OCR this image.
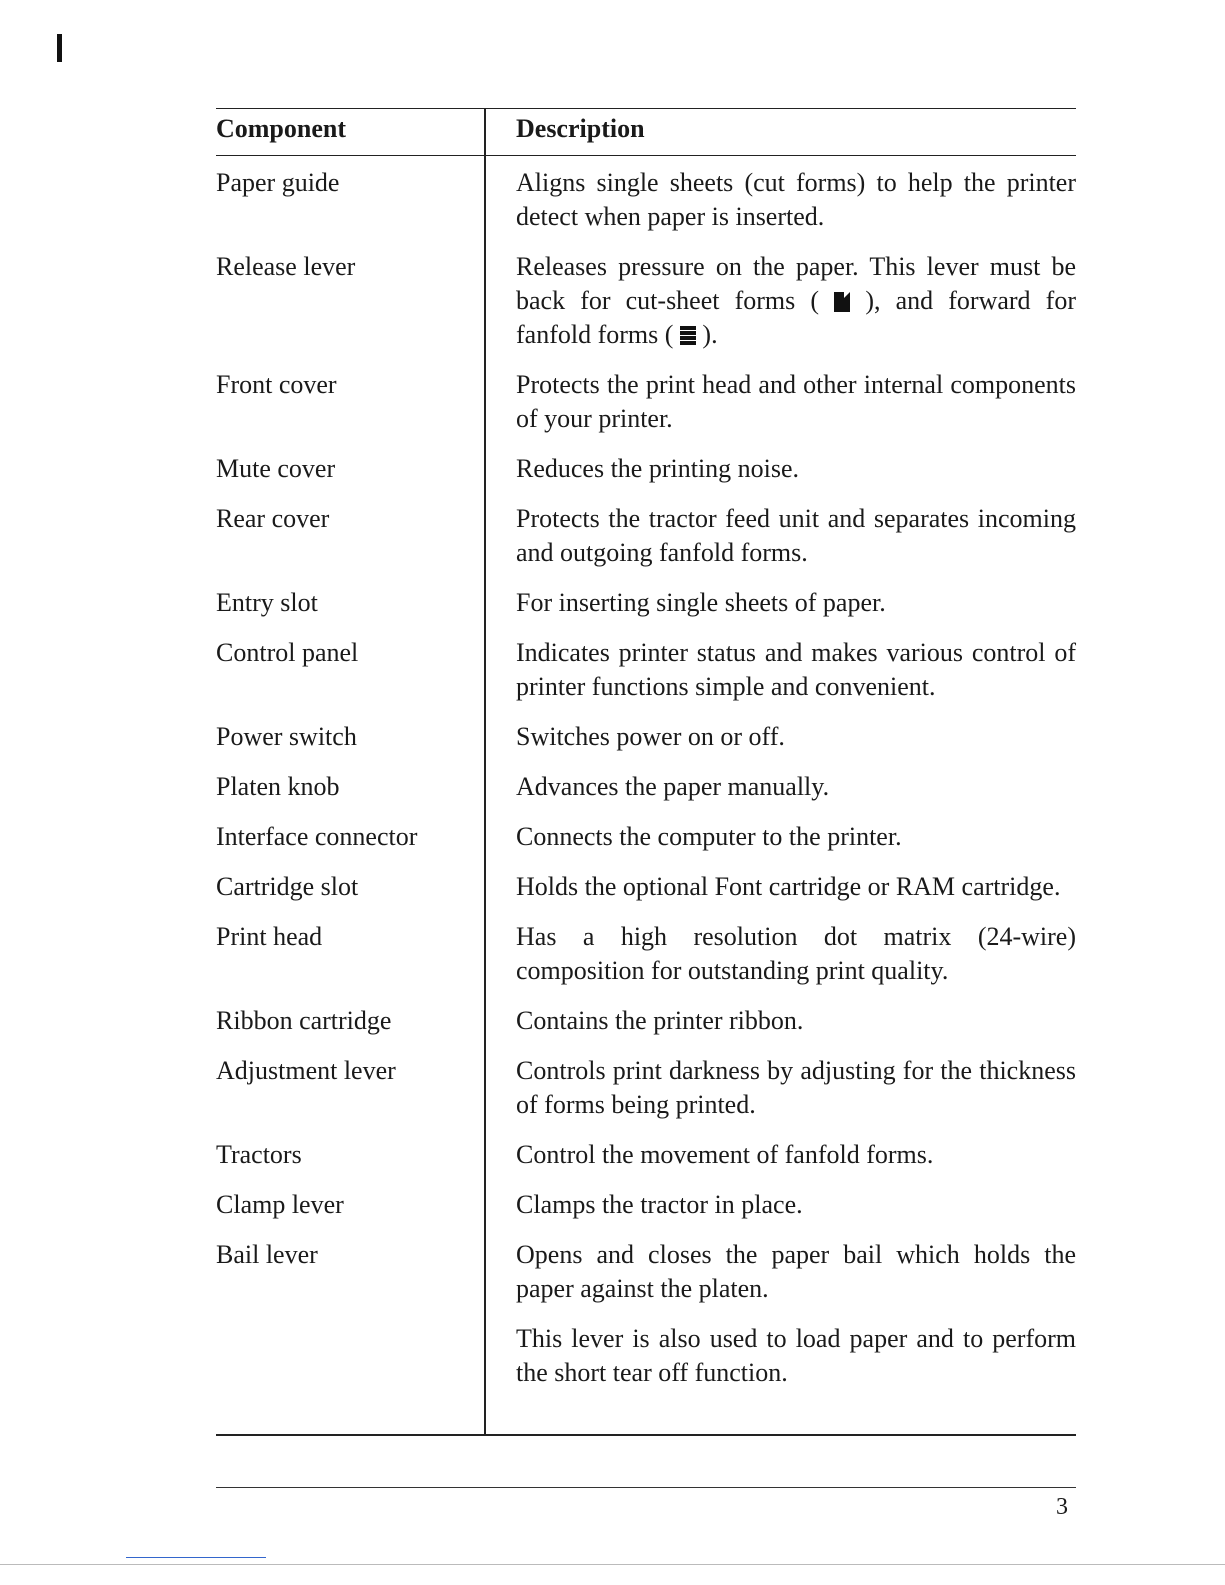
Component	Description
Paper guide	Aligns single sheets (cut forms) to help the printer detect when paper is inserted.
Release lever	Releases pressure on the paper. This lever must be back for cut-sheet forms ( ), and forward for fanfold forms ( ).
Front cover	Protects the print head and other internal components of your printer.
Mute cover	Reduces the printing noise.
Rear cover	Protects the tractor feed unit and separates incoming and outgoing fanfold forms.
Entry slot	For inserting single sheets of paper.
Control panel	Indicates printer status and makes various control of printer functions simple and convenient.
Power switch	Switches power on or off.
Platen knob	Advances the paper manually.
Interface connector	Connects the computer to the printer.
Cartridge slot	Holds the optional Font cartridge or RAM cartridge.
Print head	Has a high resolution dot matrix (24-wire) composition for outstanding print quality.
Ribbon cartridge	Contains the printer ribbon.
Adjustment lever	Controls print darkness by adjusting for the thickness of forms being printed.
Tractors	Control the movement of fanfold forms.
Clamp lever	Clamps the tractor in place.
Bail lever	Opens and closes the paper bail which holds the paper against the platen.
This lever is also used to load paper and to perform the short tear off function.
3
